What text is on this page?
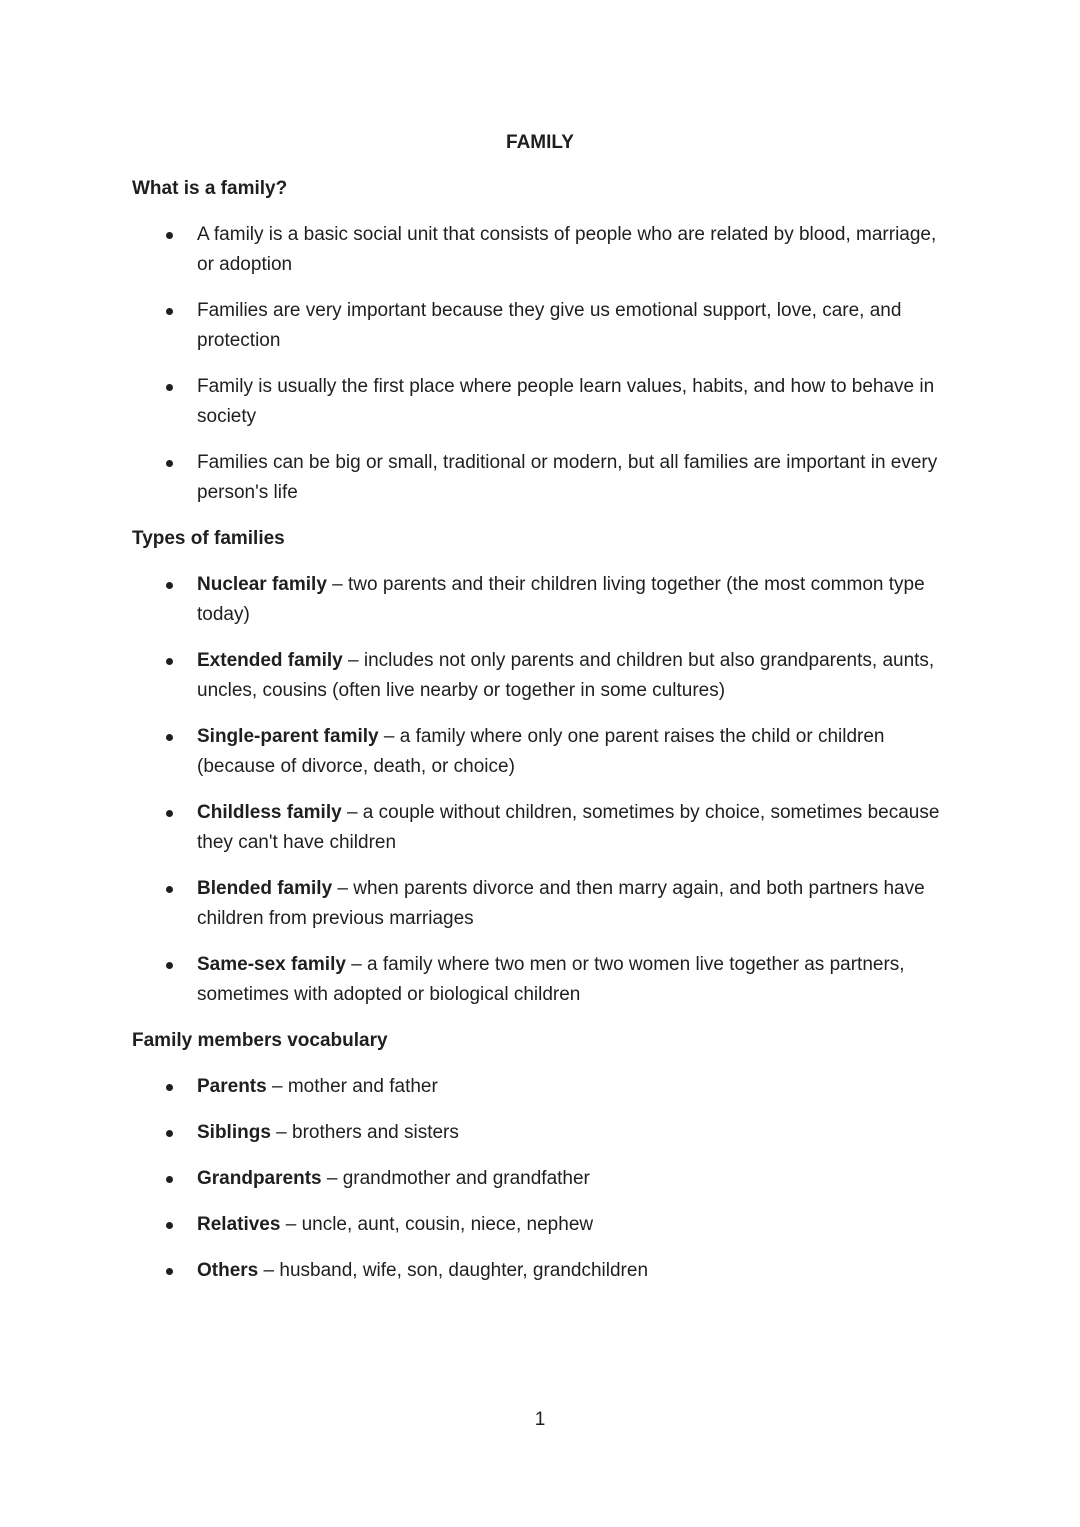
FAMILY

What is a family?

A family is a basic social unit that consists of people who are related by blood, marriage, or adoption
Families are very important because they give us emotional support, love, care, and protection
Family is usually the first place where people learn values, habits, and how to behave in society
Families can be big or small, traditional or modern, but all families are important in every person's life

Types of families

Nuclear family – two parents and their children living together (the most common type today)
Extended family – includes not only parents and children but also grandparents, aunts, uncles, cousins (often live nearby or together in some cultures)
Single-parent family – a family where only one parent raises the child or children (because of divorce, death, or choice)
Childless family – a couple without children, sometimes by choice, sometimes because they can't have children
Blended family – when parents divorce and then marry again, and both partners have children from previous marriages
Same-sex family – a family where two men or two women live together as partners, sometimes with adopted or biological children

Family members vocabulary

Parents – mother and father
Siblings – brothers and sisters
Grandparents – grandmother and grandfather
Relatives – uncle, aunt, cousin, niece, nephew
Others – husband, wife, son, daughter, grandchildren
1
